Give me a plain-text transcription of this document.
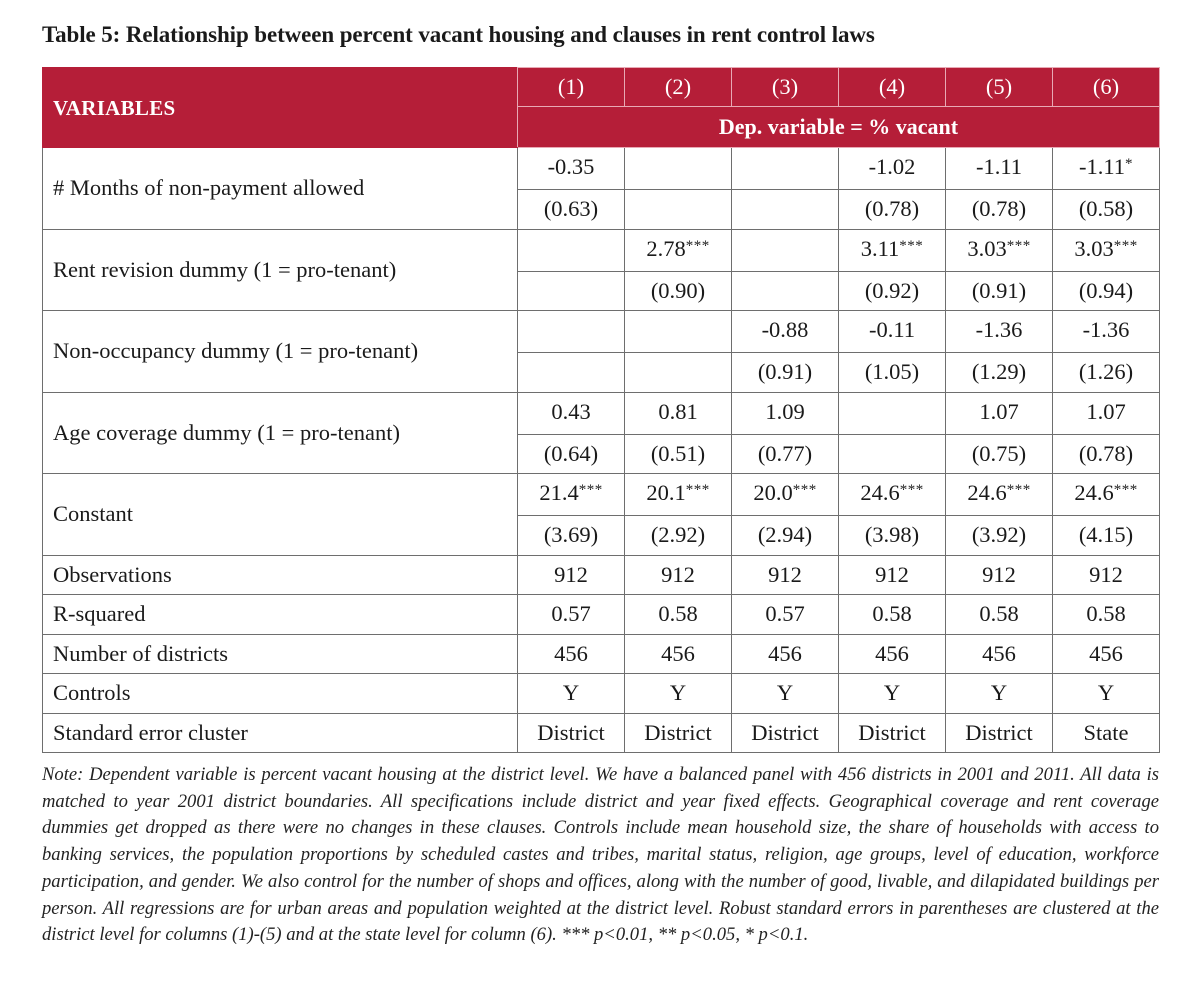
Table 5: Relationship between percent vacant housing and clauses in rent control laws
VARIABLES	(1)	(2)	(3)	(4)	(5)	(6)
	Dep. variable = % vacant					
# Months of non-payment allowed	-0.35			-1.02	-1.11	-1.11*
	(0.63)			(0.78)	(0.78)	(0.58)
Rent revision dummy (1 = pro-tenant)		2.78***		3.11***	3.03***	3.03***
		(0.90)		(0.92)	(0.91)	(0.94)
Non-occupancy dummy (1 = pro-tenant)			-0.88	-0.11	-1.36	-1.36
			(0.91)	(1.05)	(1.29)	(1.26)
Age coverage dummy (1 = pro-tenant)	0.43	0.81	1.09		1.07	1.07
	(0.64)	(0.51)	(0.77)		(0.75)	(0.78)
Constant	21.4***	20.1***	20.0***	24.6***	24.6***	24.6***
	(3.69)	(2.92)	(2.94)	(3.98)	(3.92)	(4.15)
Observations	912	912	912	912	912	912
R-squared	0.57	0.58	0.57	0.58	0.58	0.58
Number of districts	456	456	456	456	456	456
Controls	Y	Y	Y	Y	Y	Y
Standard error cluster	District	District	District	District	District	State
Note: Dependent variable is percent vacant housing at the district level. We have a balanced panel with 456 districts in 2001 and 2011. All data is matched to year 2001 district boundaries. All specifications include district and year fixed effects. Geographical coverage and rent coverage dummies get dropped as there were no changes in these clauses. Controls include mean household size, the share of households with access to banking services, the population proportions by scheduled castes and tribes, marital status, religion, age groups, level of education, workforce participation, and gender. We also control for the number of shops and offices, along with the number of good, livable, and dilapidated buildings per person. All regressions are for urban areas and population weighted at the district level. Robust standard errors in parentheses are clustered at the district level for columns (1)-(5) and at the state level for column (6). *** p<0.01, ** p<0.05, * p<0.1.
